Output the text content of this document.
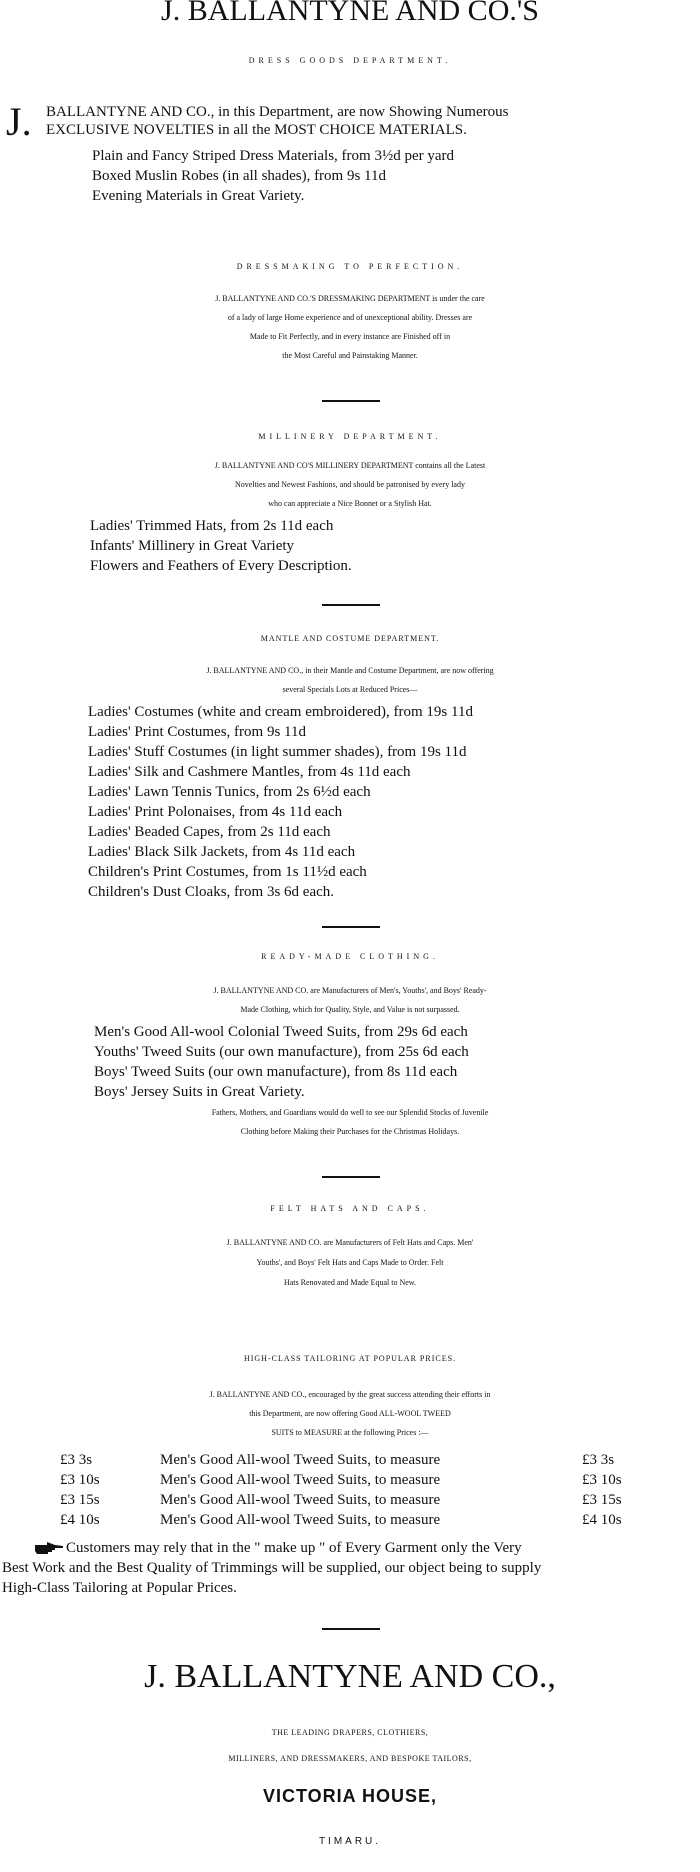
J. BALLANTYNE AND CO.'S
DRESS GOODS DEPARTMENT.
J. BALLANTYNE AND CO., in this Department, are now Showing Numerous
EXCLUSIVE NOVELTIES in all the MOST CHOICE MATERIALS.
Plain and Fancy Striped Dress Materials, from 3½d per yard
Boxed Muslin Robes (in all shades), from 9s 11d
Evening Materials in Great Variety.
DRESSMAKING TO PERFECTION.
J. BALLANTYNE AND CO.'S DRESSMAKING DEPARTMENT is under the care
of a lady of large Home experience and of unexceptional ability. Dresses are
Made to Fit Perfectly, and in every instance are Finished off in
the Most Careful and Painstaking Manner.
MILLINERY DEPARTMENT.
J. BALLANTYNE AND CO'S MILLINERY DEPARTMENT contains all the Latest
Novelties and Newest Fashions, and should be patronised by every lady
who can appreciate a Nice Bonnet or a Stylish Hat.
Ladies' Trimmed Hats, from 2s 11d each
Infants' Millinery in Great Variety
Flowers and Feathers of Every Description.
MANTLE AND COSTUME DEPARTMENT.
J. BALLANTYNE AND CO., in their Mantle and Costume Department, are now offering
several Specials Lots at Reduced Prices—
Ladies' Costumes (white and cream embroidered), from 19s 11d
Ladies' Print Costumes, from 9s 11d
Ladies' Stuff Costumes (in light summer shades), from 19s 11d
Ladies' Silk and Cashmere Mantles, from 4s 11d each
Ladies' Lawn Tennis Tunics, from 2s 6½d each
Ladies' Print Polonaises, from 4s 11d each
Ladies' Beaded Capes, from 2s 11d each
Ladies' Black Silk Jackets, from 4s 11d each
Children's Print Costumes, from 1s 11½d each
Children's Dust Cloaks, from 3s 6d each.
READY-MADE CLOTHING.
J. BALLANTYNE AND CO. are Manufacturers of Men's, Youths', and Boys' Ready-
Made Clothing, which for Quality, Style, and Value is not surpassed.
Men's Good All-wool Colonial Tweed Suits, from 29s 6d each
Youths' Tweed Suits (our own manufacture), from 25s 6d each
Boys' Tweed Suits (our own manufacture), from 8s 11d each
Boys' Jersey Suits in Great Variety.
Fathers, Mothers, and Guardians would do well to see our Splendid Stocks of Juvenile
Clothing before Making their Purchases for the Christmas Holidays.
FELT HATS AND CAPS.
J. BALLANTYNE AND CO. are Manufacturers of Felt Hats and Caps. Men'
Youths', and Boys' Felt Hats and Caps Made to Order. Felt
Hats Renovated and Made Equal to New.
HIGH-CLASS TAILORING AT POPULAR PRICES.
J. BALLANTYNE AND CO., encouraged by the great success attending their efforts in
this Department, are now offering Good ALL-WOOL TWEED
SUITS to MEASURE at the following Prices :—
£3 3s	Men's Good All-wool Tweed Suits, to measure	£3 3s
£3 10s	Men's Good All-wool Tweed Suits, to measure	£3 10s
£3 15s	Men's Good All-wool Tweed Suits, to measure	£3 15s
£4 10s	Men's Good All-wool Tweed Suits, to measure	£4 10s
Customers may rely that in the " make up " of Every Garment only the Very
Best Work and the Best Quality of Trimmings will be supplied, our object being to supply
High-Class Tailoring at Popular Prices.
J. BALLANTYNE AND CO.,
THE LEADING DRAPERS, CLOTHIERS,
MILLINERS, AND DRESSMAKERS, AND BESPOKE TAILORS,
VICTORIA HOUSE,
TIMARU.
